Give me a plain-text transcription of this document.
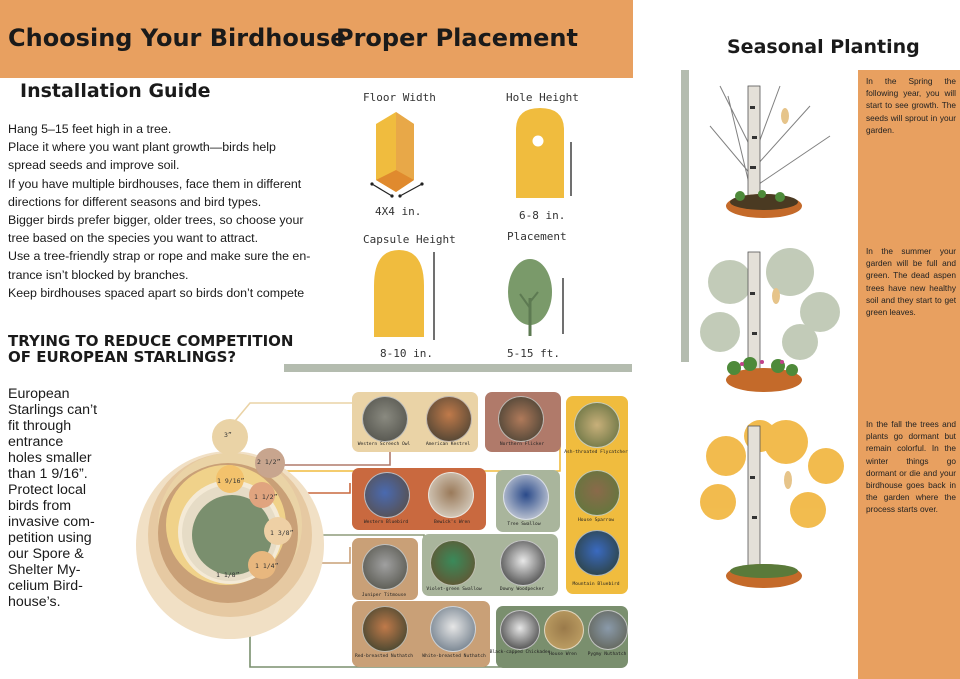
Choosing Your Birdhouse
Proper Placement	Seasonal Planting
Installation Guide
Hang 5–15 feet high in a tree.
Place it where you want plant growth—birds help
spread seeds and improve soil.
If you have multiple birdhouses, face them in different
directions for different seasons and bird types.
Bigger birds prefer bigger, older trees, so choose your
tree based on the species you want to attract.
Use a tree-friendly strap or rope and make sure the en-
trance isn’t blocked by branches.
Keep birdhouses spaced apart so birds don’t compete
TRYING TO REDUCE COMPETITION
OF EUROPEAN STARLINGS?
European
Starlings can’t
fit through
entrance
holes smaller
than 1 9/16”.
Protect local
birds from
invasive com-
petition using
our Spore &
Shelter My-
celium Bird-
house’s.
Floor Width	Hole Height
4X4 in.	6-8 in.
Capsule Height	Placement
8-10 in.	5-15 ft.
In the Spring the following year, you will start to see growth. The seeds will sprout in your garden.
In the summer your garden will be full and green. The dead aspen trees have new healthy soil and they start to get green leaves.
In the fall the trees and plants go dormant but remain colorful. In the winter things go dormant or die and your birdhouse goes back in the garden where the process starts over.
3”
2 1/2”
1 9/16”
1 1/2”
1 3/8”
1 1/4”
1 1/8”
Western Screech Owl	American Kestrel	Northern Flicker
Ash-throated Flycatcher
Western Bluebird	Bewick's Wren	Tree Swallow
House Sparrow
Mountain Bluebird
Juniper Titmouse
Violet-green Swallow	Downy Woodpecker
Red-breasted Nuthatch	White-breasted Nuthatch
Black-capped Chickadee
House Wren	Pygmy Nuthatch
